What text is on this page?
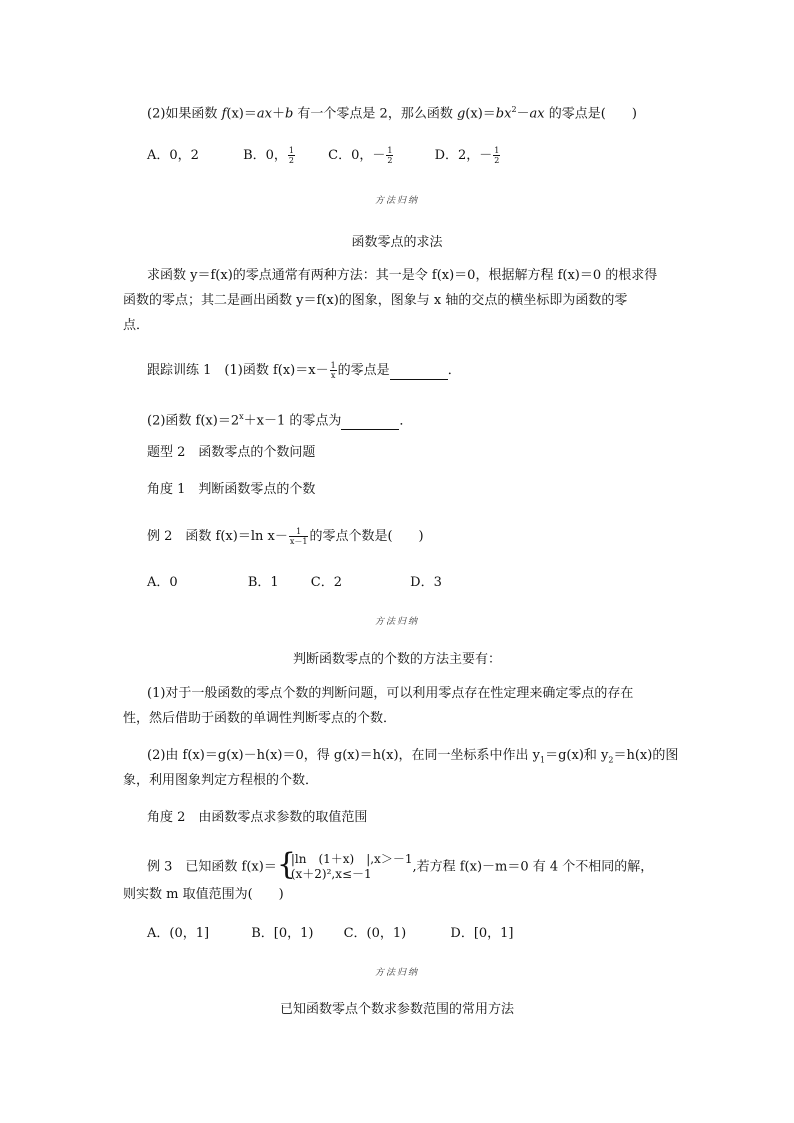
(2)如果函数 f(x)＝ax＋b 有一个零点是 2，那么函数 $g(x)=bx^2-ax$ 的零点是(　　)
A．0，2	B．0， $\frac{1}{2}$	C．0，－ $\frac{1}{2}$	D．2，－ $\frac{1}{2}$
方法归纳
函数零点的求法
求函数 y＝f(x)的零点通常有两种方法：其一是令 f(x)＝0，根据解方程 f(x)＝0 的根求得
函数的零点；其二是画出函数 y＝f(x)的图象，图象与 x 轴的交点的横坐标即为函数的零
点．
跟踪训练 1　(1)函数 $f(x)=x- \frac{1}{x}$ 的零点是	．
(2)函数 $f(x)=2^x+x-1$ 的零点为	．
题型 2　函数零点的个数问题
角度 1　判断函数零点的个数
例 2　函数 f(x)＝ln $x- \frac{1}{x-1}$ 的零点个数是(　　)
A．0	B．1 C．2	D．3
方法归纳
判断函数零点的个数的方法主要有：
(1)对于一般函数的零点个数的判断问题，可以利用零点存在性定理来确定零点的存在
性，然后借助于函数的单调性判断零点的个数．
(2)由 f(x)＝g(x)－h(x)＝0，得 g(x)＝h(x)，在同一坐标系中作出 $y_1=g(x)$和 $y_2=h(x)$的图
象，利用图象判定方程根的个数．
角度 2　由函数零点求参数的取值范围
例 3　已知函数 f(x)＝ {
|ln　(1＋x)　|,x＞－1
(x＋2)²,x≤－1	,若方程 f(x)－m＝0 有 4 个不相同的解，
则实数 m 取值范围为(　　)
A．(0，1]	B．[0，1) C．(0，1)	D．[0，1]
方法归纳
已知函数零点个数求参数范围的常用方法
